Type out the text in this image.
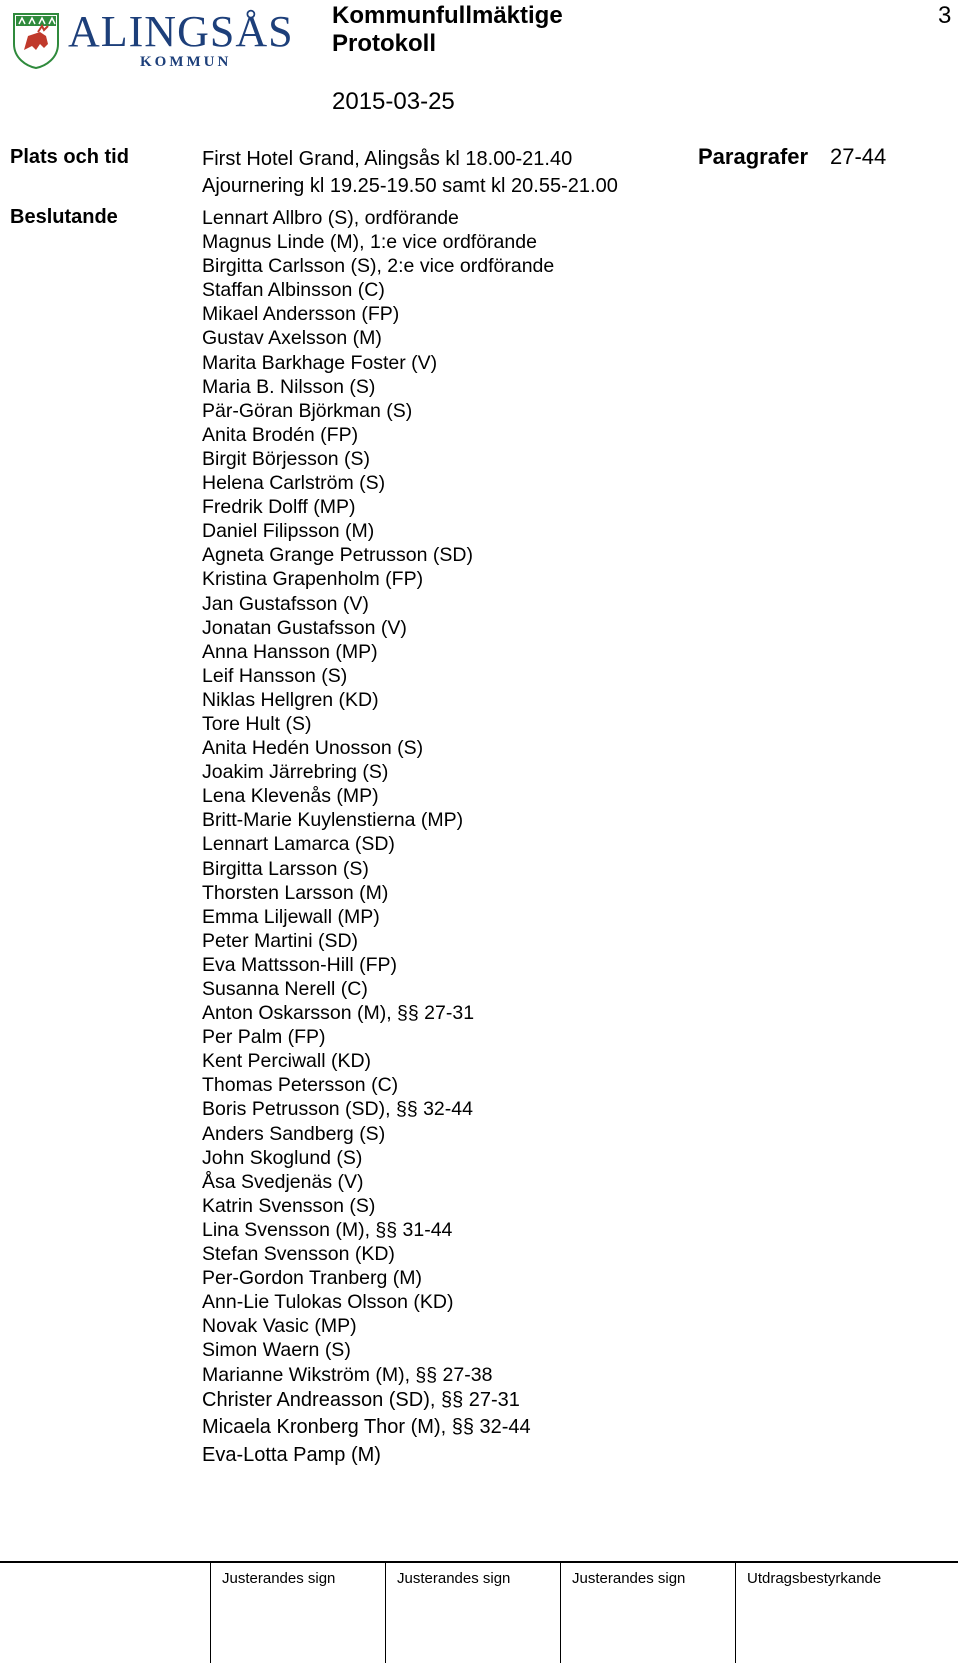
ALINGSÅS
KOMMUN
Kommunfullmäktige
Protokoll
2015-03-25
3
Plats och tid	First Hotel Grand, Alingsås kl 18.00-21.40
Ajournering kl 19.25-19.50 samt kl 20.55-21.00
Paragrafer 27-44
Beslutande	Lennart Allbro (S), ordförande
Magnus Linde (M), 1:e vice ordförande
Birgitta Carlsson (S), 2:e vice ordförande
Staffan Albinsson (C)
Mikael Andersson (FP)
Gustav Axelsson (M)
Marita Barkhage Foster (V)
Maria B. Nilsson (S)
Pär-Göran Björkman (S)
Anita Brodén (FP)
Birgit Börjesson (S)
Helena Carlström (S)
Fredrik Dolff (MP)
Daniel Filipsson (M)
Agneta Grange Petrusson (SD)
Kristina Grapenholm (FP)
Jan Gustafsson (V)
Jonatan Gustafsson (V)
Anna Hansson (MP)
Leif Hansson (S)
Niklas Hellgren (KD)
Tore Hult (S)
Anita Hedén Unosson (S)
Joakim Järrebring (S)
Lena Klevenås (MP)
Britt-Marie Kuylenstierna (MP)
Lennart Lamarca (SD)
Birgitta Larsson (S)
Thorsten Larsson (M)
Emma Liljewall (MP)
Peter Martini (SD)
Eva Mattsson-Hill (FP)
Susanna Nerell (C)
Anton Oskarsson (M), §§ 27-31
Per Palm (FP)
Kent Perciwall (KD)
Thomas Petersson (C)
Boris Petrusson (SD), §§ 32-44
Anders Sandberg (S)
John Skoglund (S)
Åsa Svedjenäs (V)
Katrin Svensson (S)
Lina Svensson (M), §§ 31-44
Stefan Svensson (KD)
Per-Gordon Tranberg (M)
Ann-Lie Tulokas Olsson (KD)
Novak Vasic (MP)
Simon Waern (S)
Marianne Wikström (M), §§ 27-38
Christer Andreasson (SD), §§ 27-31
Micaela Kronberg Thor (M), §§ 32-44
Eva-Lotta Pamp (M)
Justerandes sign	Justerandes sign	Justerandes sign	Utdragsbestyrkande
